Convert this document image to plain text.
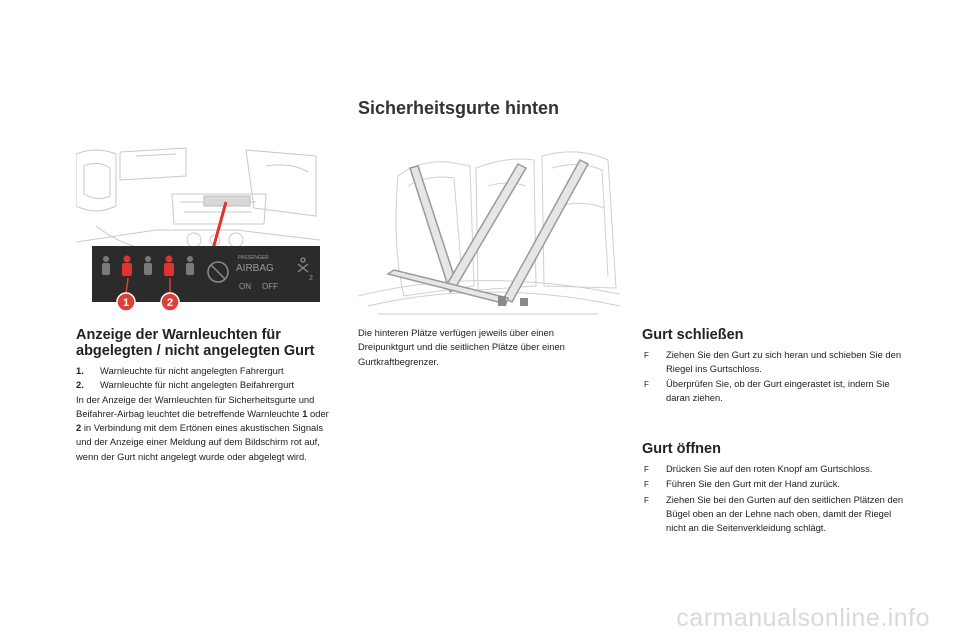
Sicherheitsgurte hinten
PASSENGER
AIRBAG
ON OFF
2
1	2
Anzeige der Warnleuchten für
abgelegten / nicht angelegten Gurt
1.	Warnleuchte für nicht angelegten Fahrergurt
2.	Warnleuchte für nicht angelegten Beifahrergurt
In der Anzeige der Warnleuchten für Sicherheitsgurte und Beifahrer-Airbag leuchtet die betreffende Warnleuchte 1 oder 2 in Verbindung mit dem Ertönen eines akustischen Signals und der Anzeige einer Meldung auf dem Bildschirm rot auf, wenn der Gurt nicht angelegt wurde oder abgelegt wird.
Die hinteren Plätze verfügen jeweils über einen Dreipunktgurt und die seitlichen Plätze über einen Gurtkraftbegrenzer.
Gurt schließen
F	Ziehen Sie den Gurt zu sich heran und schieben Sie den Riegel ins Gurtschloss.
F	Überprüfen Sie, ob der Gurt eingerastet ist, indem Sie daran ziehen.
Gurt öffnen
F	Drücken Sie auf den roten Knopf am Gurtschloss.
F	Führen Sie den Gurt mit der Hand zurück.
F	Ziehen Sie bei den Gurten auf den seitlichen Plätzen den Bügel oben an der Lehne nach oben, damit der Riegel nicht an die Seitenverkleidung schlägt.
carmanualsonline.info
